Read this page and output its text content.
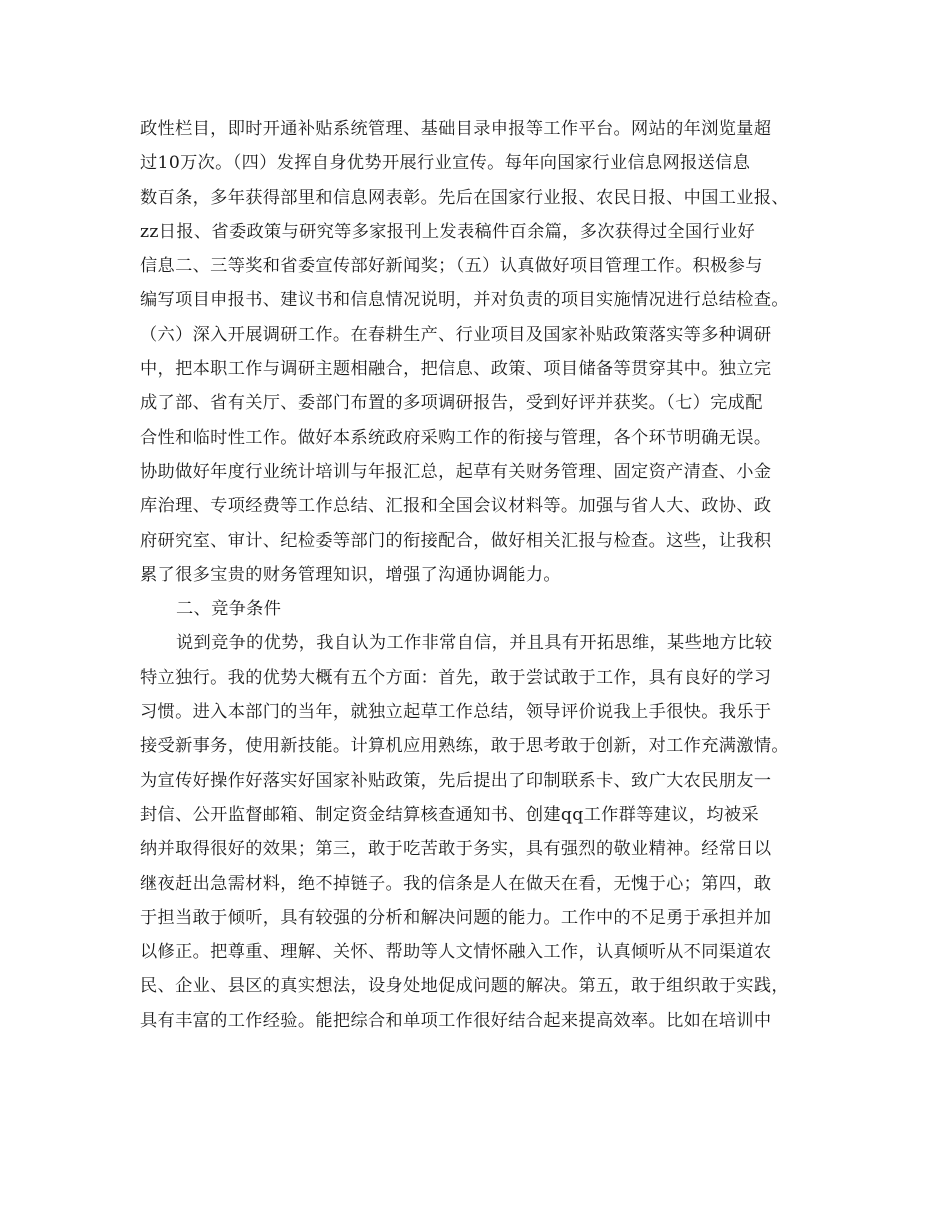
政性栏目，即时开通补贴系统管理、基础目录申报等工作平台。网站的年浏览量超
过10万次。（四）发挥自身优势开展行业宣传。每年向国家行业信息网报送信息
数百条，多年获得部里和信息网表彰。先后在国家行业报、农民日报、中国工业报、
zz日报、省委政策与研究等多家报刊上发表稿件百余篇，多次获得过全国行业好
信息二、三等奖和省委宣传部好新闻奖；（五）认真做好项目管理工作。积极参与
编写项目申报书、建议书和信息情况说明，并对负责的项目实施情况进行总结检查。
（六）深入开展调研工作。在春耕生产、行业项目及国家补贴政策落实等多种调研
中，把本职工作与调研主题相融合，把信息、政策、项目储备等贯穿其中。独立完
成了部、省有关厅、委部门布置的多项调研报告，受到好评并获奖。（七）完成配
合性和临时性工作。做好本系统政府采购工作的衔接与管理，各个环节明确无误。
协助做好年度行业统计培训与年报汇总，起草有关财务管理、固定资产清查、小金
库治理、专项经费等工作总结、汇报和全国会议材料等。加强与省人大、政协、政
府研究室、审计、纪检委等部门的衔接配合，做好相关汇报与检查。这些，让我积
累了很多宝贵的财务管理知识，增强了沟通协调能力。
二、竞争条件
说到竞争的优势，我自认为工作非常自信，并且具有开拓思维，某些地方比较
特立独行。我的优势大概有五个方面：首先，敢于尝试敢于工作，具有良好的学习
习惯。进入本部门的当年，就独立起草工作总结，领导评价说我上手很快。我乐于
接受新事务，使用新技能。计算机应用熟练，敢于思考敢于创新，对工作充满激情。
为宣传好操作好落实好国家补贴政策，先后提出了印制联系卡、致广大农民朋友一
封信、公开监督邮箱、制定资金结算核查通知书、创建qq工作群等建议，均被采
纳并取得很好的效果；第三，敢于吃苦敢于务实，具有强烈的敬业精神。经常日以
继夜赶出急需材料，绝不掉链子。我的信条是人在做天在看，无愧于心；第四，敢
于担当敢于倾听，具有较强的分析和解决问题的能力。工作中的不足勇于承担并加
以修正。把尊重、理解、关怀、帮助等人文情怀融入工作，认真倾听从不同渠道农
民、企业、县区的真实想法，设身处地促成问题的解决。第五，敢于组织敢于实践，
具有丰富的工作经验。能把综合和单项工作很好结合起来提高效率。比如在培训中
